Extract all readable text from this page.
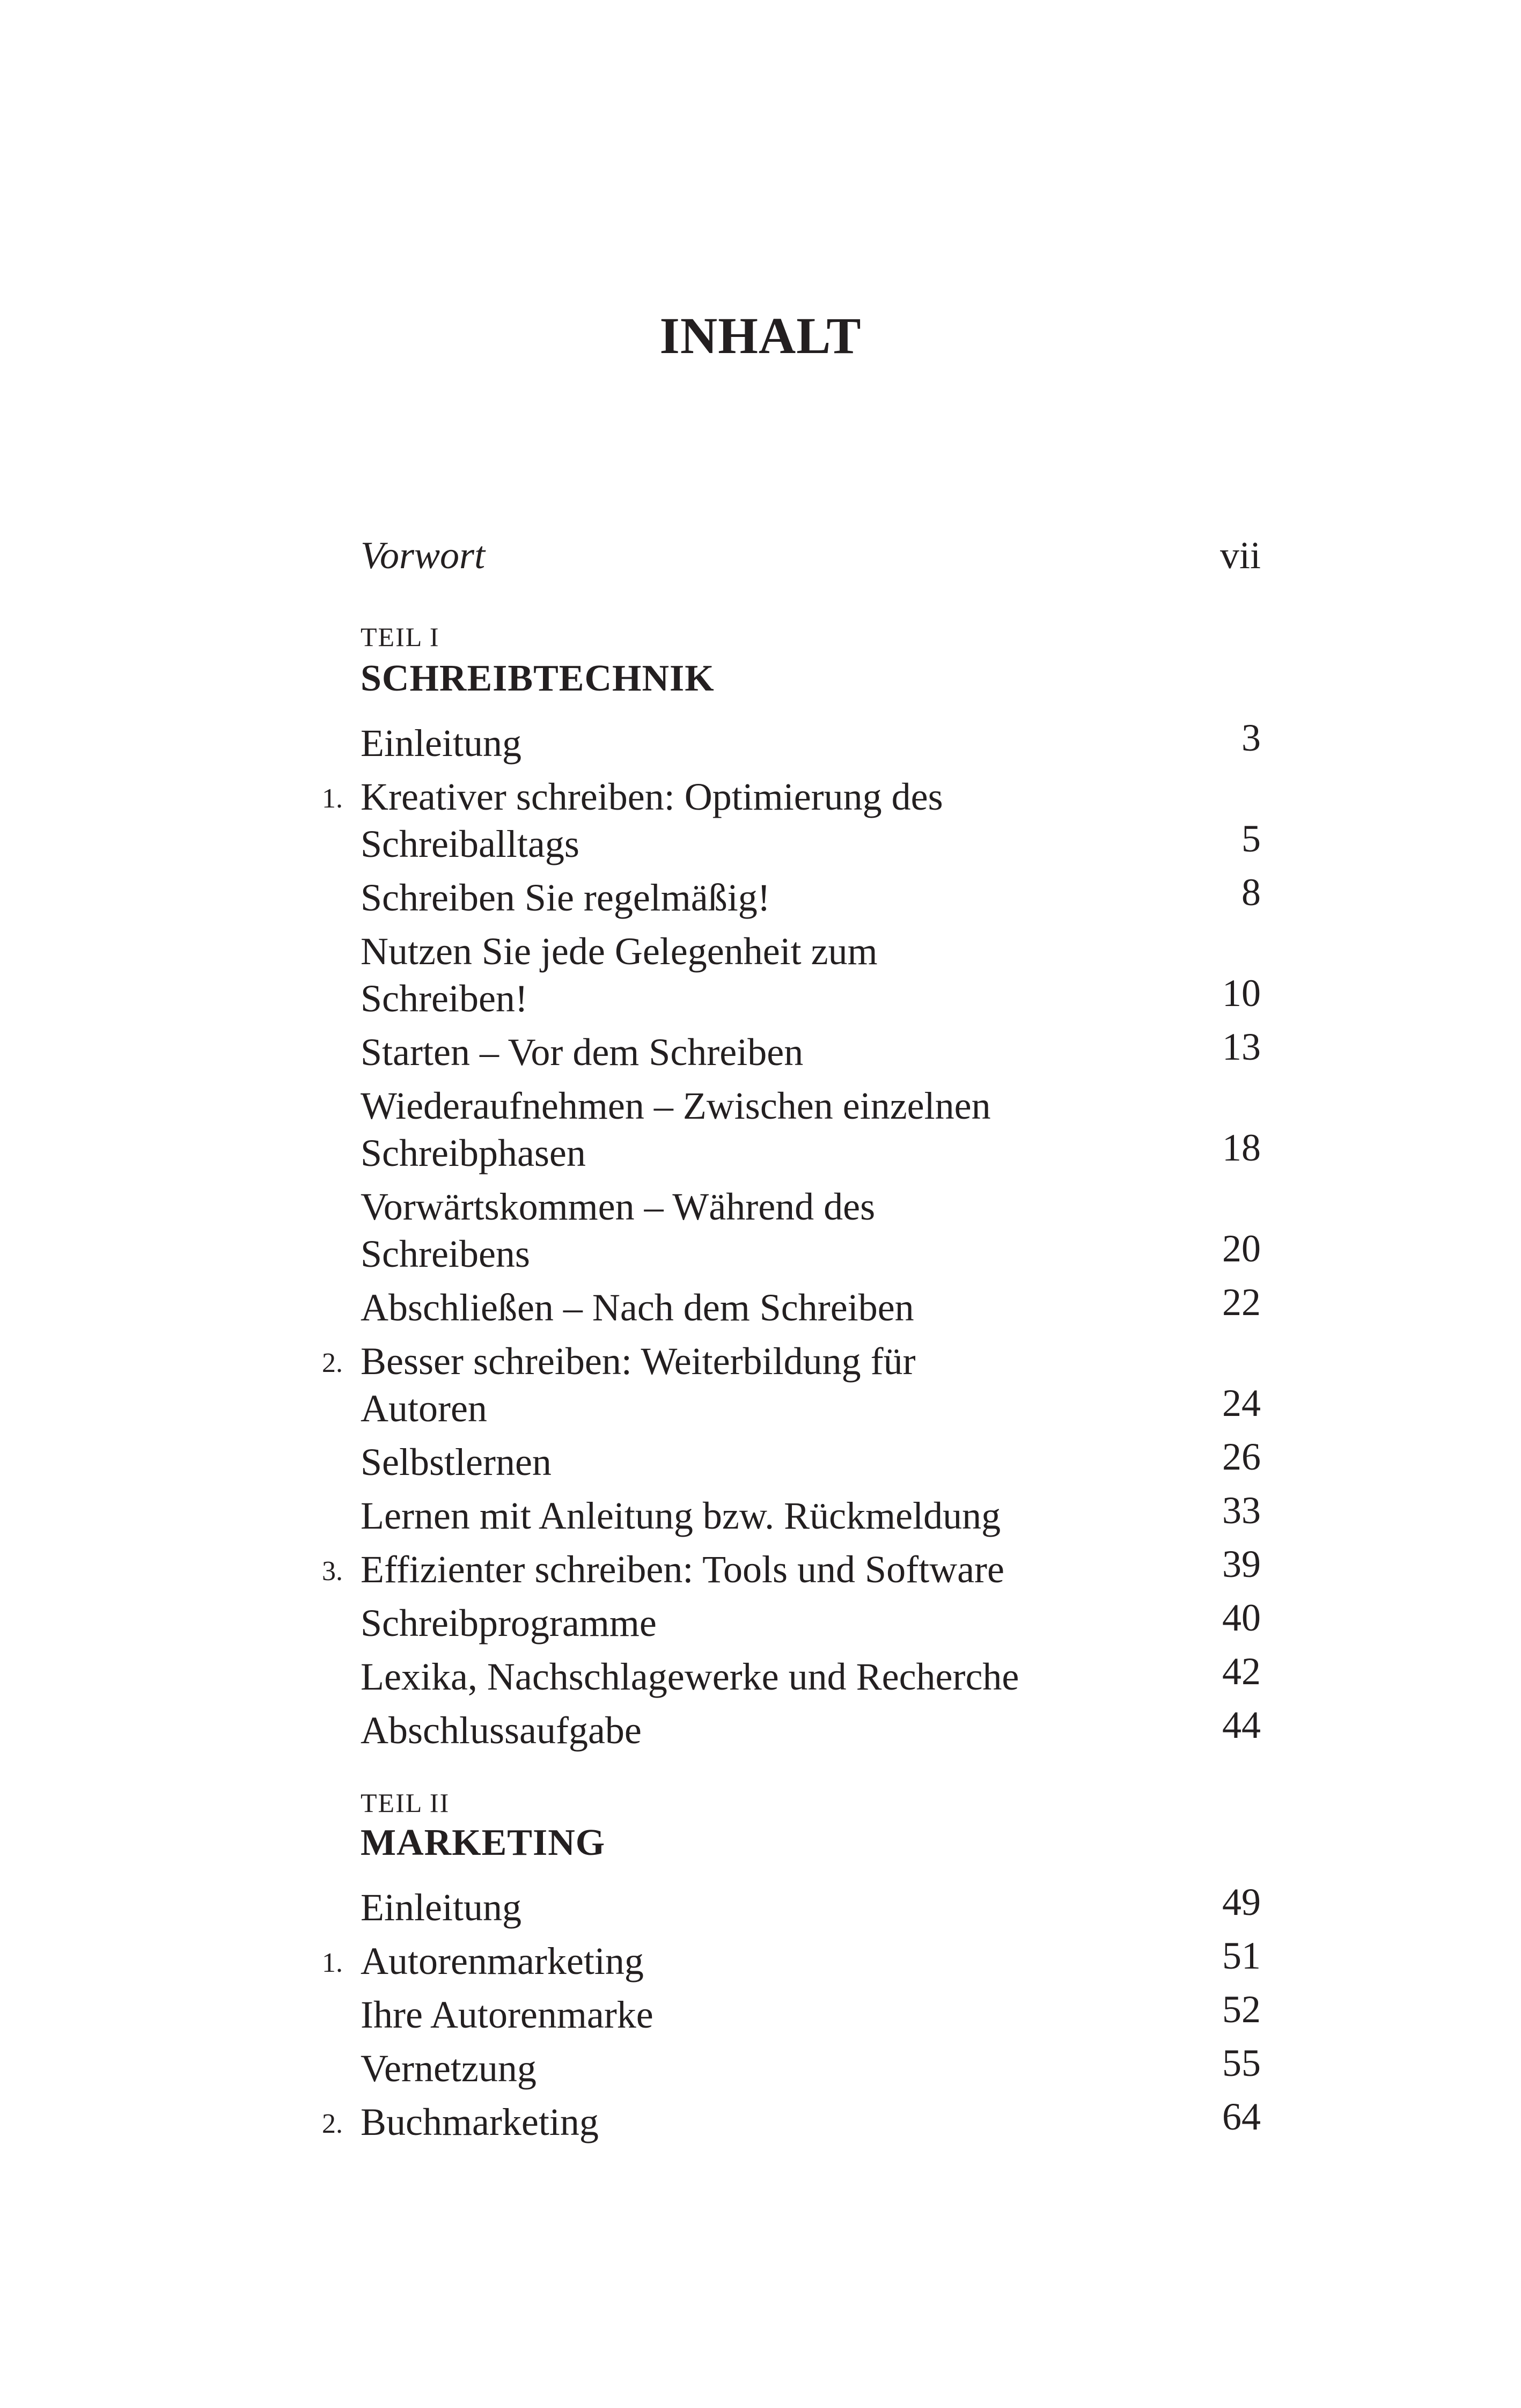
INHALT
Vorwort	vii
TEIL I
SCHREIBTECHNIK
Einleitung	3
1. Kreativer schreiben: Optimierung des
Schreiballtags	5
Schreiben Sie regelmäßig!	8
Nutzen Sie jede Gelegenheit zum
Schreiben!	10
Starten – Vor dem Schreiben	13
Wiederaufnehmen – Zwischen einzelnen
Schreibphasen	18
Vorwärtskommen – Während des
Schreibens	20
Abschließen – Nach dem Schreiben	22
2. Besser schreiben: Weiterbildung für
Autoren	24
Selbstlernen	26
Lernen mit Anleitung bzw. Rückmeldung	33
3. Effizienter schreiben: Tools und Software	39
Schreibprogramme	40
Lexika, Nachschlagewerke und Recherche	42
Abschlussaufgabe	44
TEIL II
MARKETING
Einleitung	49
1. Autorenmarketing	51
Ihre Autorenmarke	52
Vernetzung	55
2. Buchmarketing	64
